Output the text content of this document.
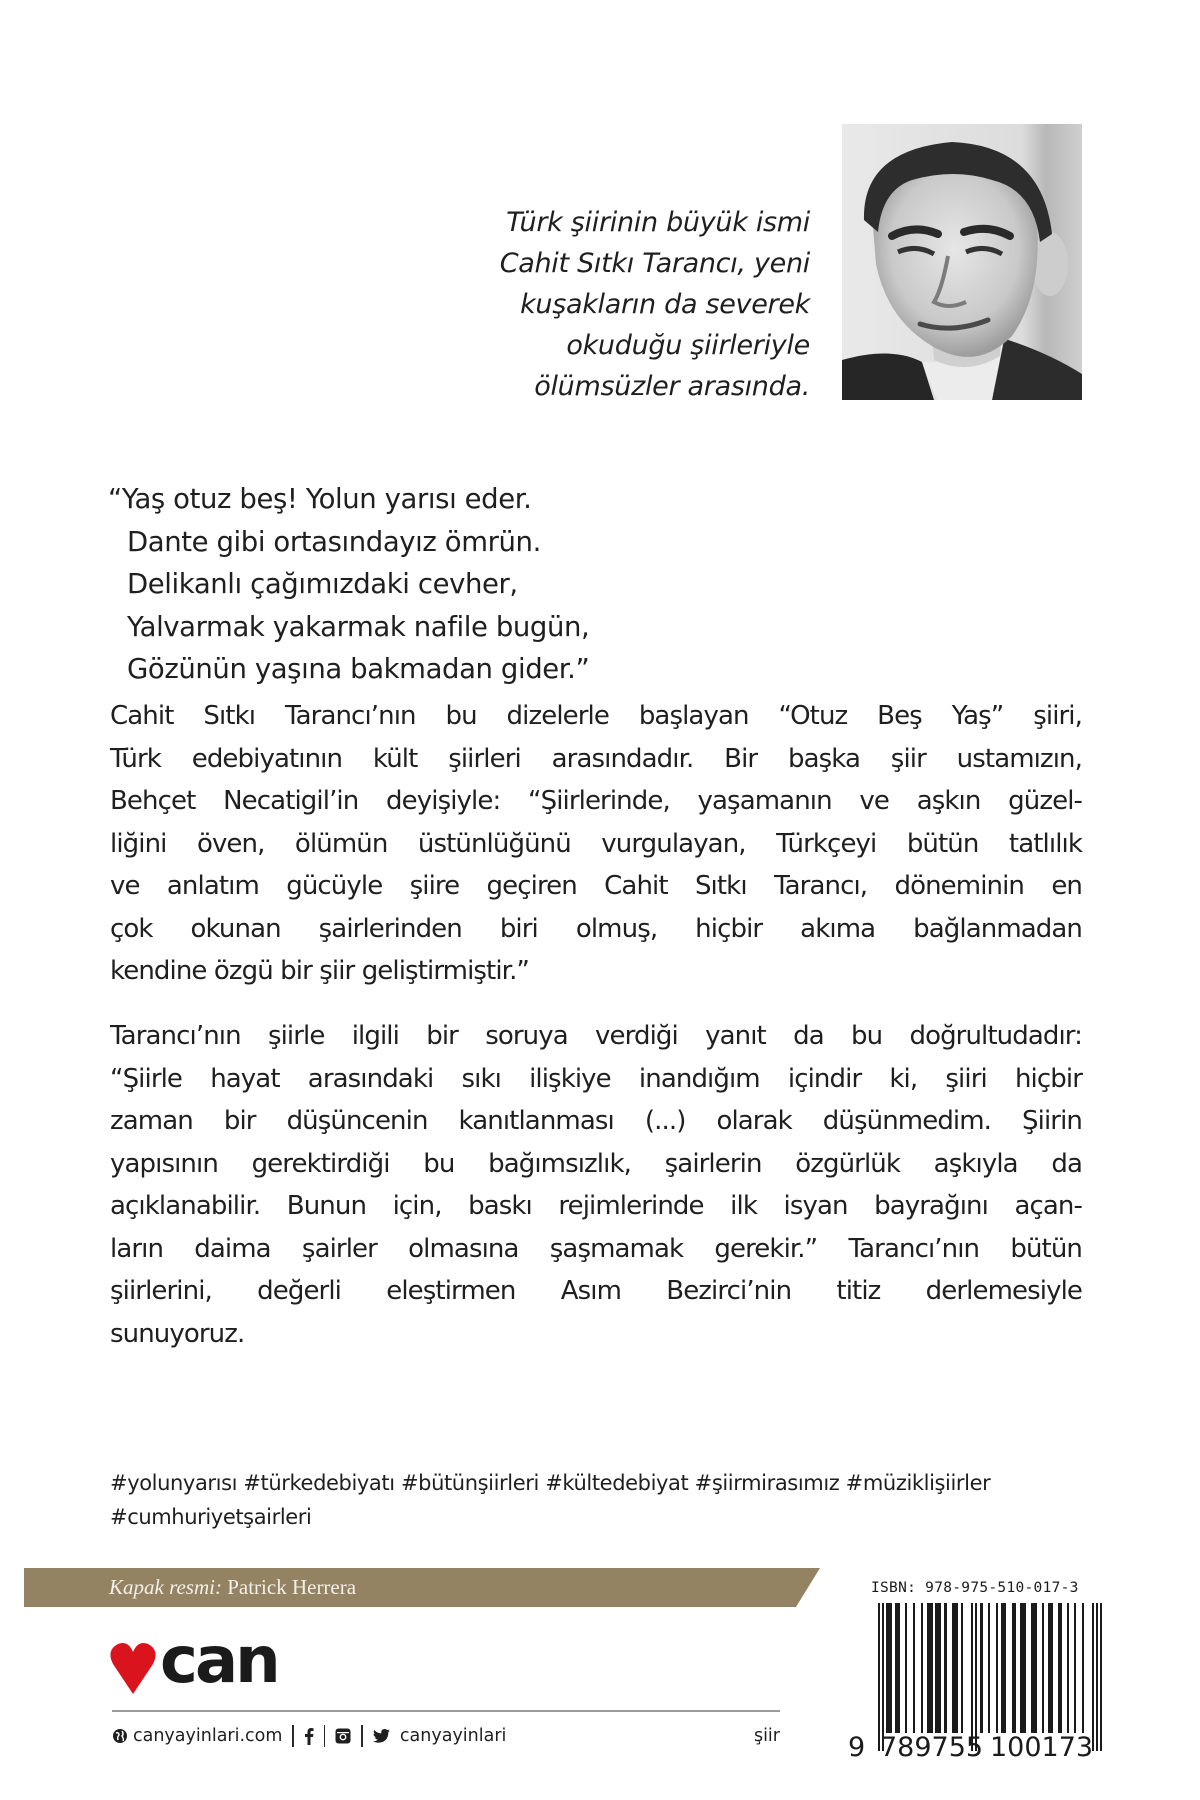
Türk şiirinin büyük ismi
Cahit Sıtkı Tarancı, yeni
kuşakların da severek
okuduğu şiirleriyle
ölümsüzler arasında.
“Yaş otuz beş! Yolun yarısı eder.
Dante gibi ortasındayız ömrün.
Delikanlı çağımızdaki cevher,
Yalvarmak yakarmak nafile bugün,
Gözünün yaşına bakmadan gider.”
Cahit Sıtkı Tarancı’nın bu dizelerle başlayan “Otuz Beş Yaş” şiiri,
Türk edebiyatının kült şiirleri arasındadır. Bir başka şiir ustamızın,
Behçet Necatigil’in deyişiyle: “Şiirlerinde, yaşamanın ve aşkın güzel-
liğini öven, ölümün üstünlüğünü vurgulayan, Türkçeyi bütün tatlılık
ve anlatım gücüyle şiire geçiren Cahit Sıtkı Tarancı, döneminin en
çok okunan şairlerinden biri olmuş, hiçbir akıma bağlanmadan
kendine özgü bir şiir geliştirmiştir.”
Tarancı’nın şiirle ilgili bir soruya verdiği yanıt da bu doğrultudadır:
“Şiirle hayat arasındaki sıkı ilişkiye inandığım içindir ki, şiiri hiçbir
zaman bir düşüncenin kanıtlanması (...) olarak düşünmedim. Şiirin
yapısının gerektirdiği bu bağımsızlık, şairlerin özgürlük aşkıyla da
açıklanabilir. Bunun için, baskı rejimlerinde ilk isyan bayrağını açan-
ların daima şairler olmasına şaşmamak gerekir.” Tarancı’nın bütün
şiirlerini, değerli eleştirmen Asım Bezirci’nin titiz derlemesiyle
sunuyoruz.
#yolunyarısı #türkedebiyatı #bütünşiirleri #kültedebiyat #şiirmirasımız #müziklişiirler
#cumhuriyetşairleri
Kapak resmi: Patrick Herrera
can
canyayinlari.com	canyayinlari	şiir
ISBN: 978-975-510-017-3
9 789755 100173
